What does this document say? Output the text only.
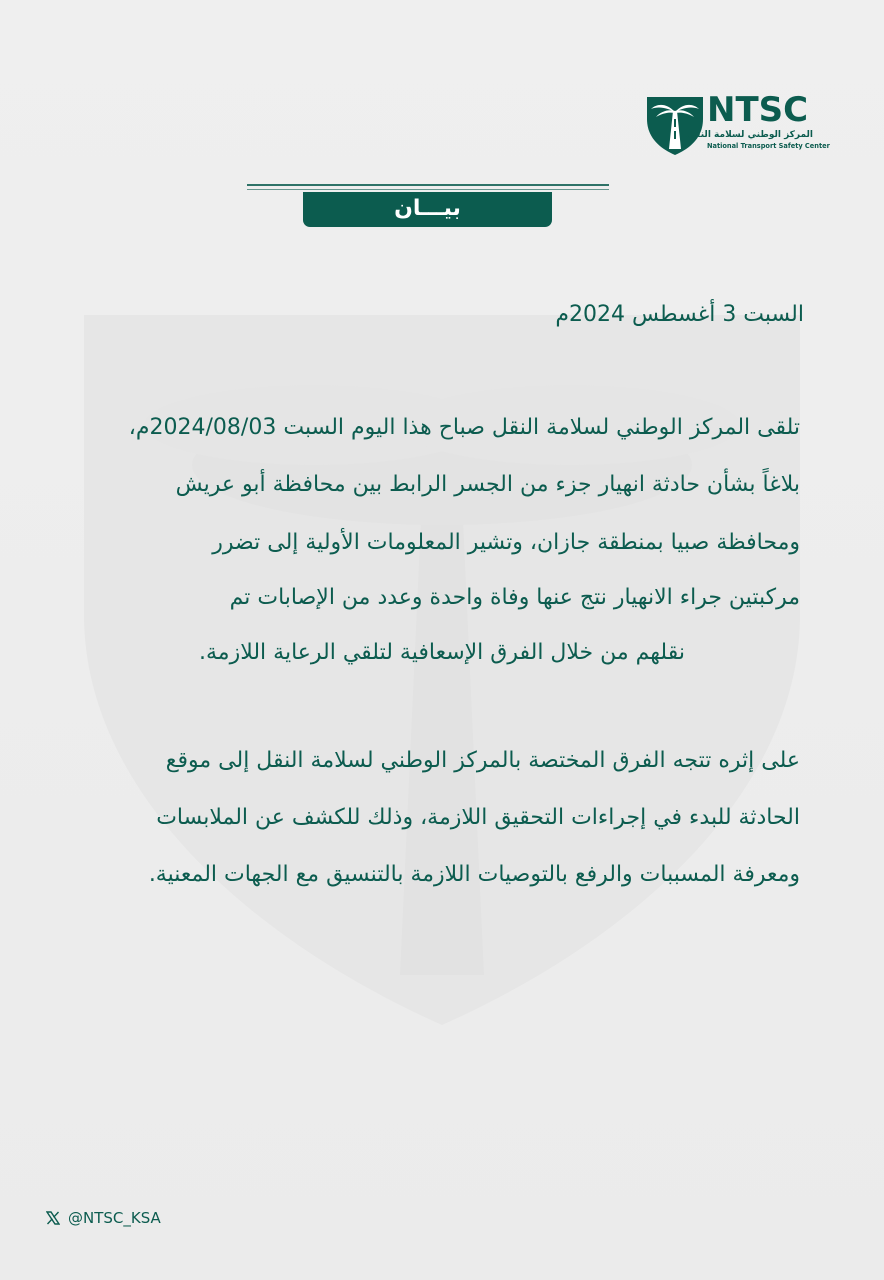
NTSC
المركز الوطني لسلامة النقل
National Transport Safety Center
بيـــان
السبت 3 أغسطس 2024م
تلقى المركز الوطني لسلامة النقل صباح هذا اليوم السبت 2024/08/03م،
بلاغاً بشأن حادثة انهيار جزء من الجسر الرابط بين محافظة أبو عريش
ومحافظة صبيا بمنطقة جازان، وتشير المعلومات الأولية إلى تضرر
مركبتين جراء الانهيار نتج عنها وفاة واحدة وعدد من الإصابات تم
نقلهم من خلال الفرق الإسعافية لتلقي الرعاية اللازمة.
على إثره تتجه الفرق المختصة بالمركز الوطني لسلامة النقل إلى موقع
الحادثة للبدء في إجراءات التحقيق اللازمة، وذلك للكشف عن الملابسات
ومعرفة المسببات والرفع بالتوصيات اللازمة بالتنسيق مع الجهات المعنية.
@NTSC_KSA
